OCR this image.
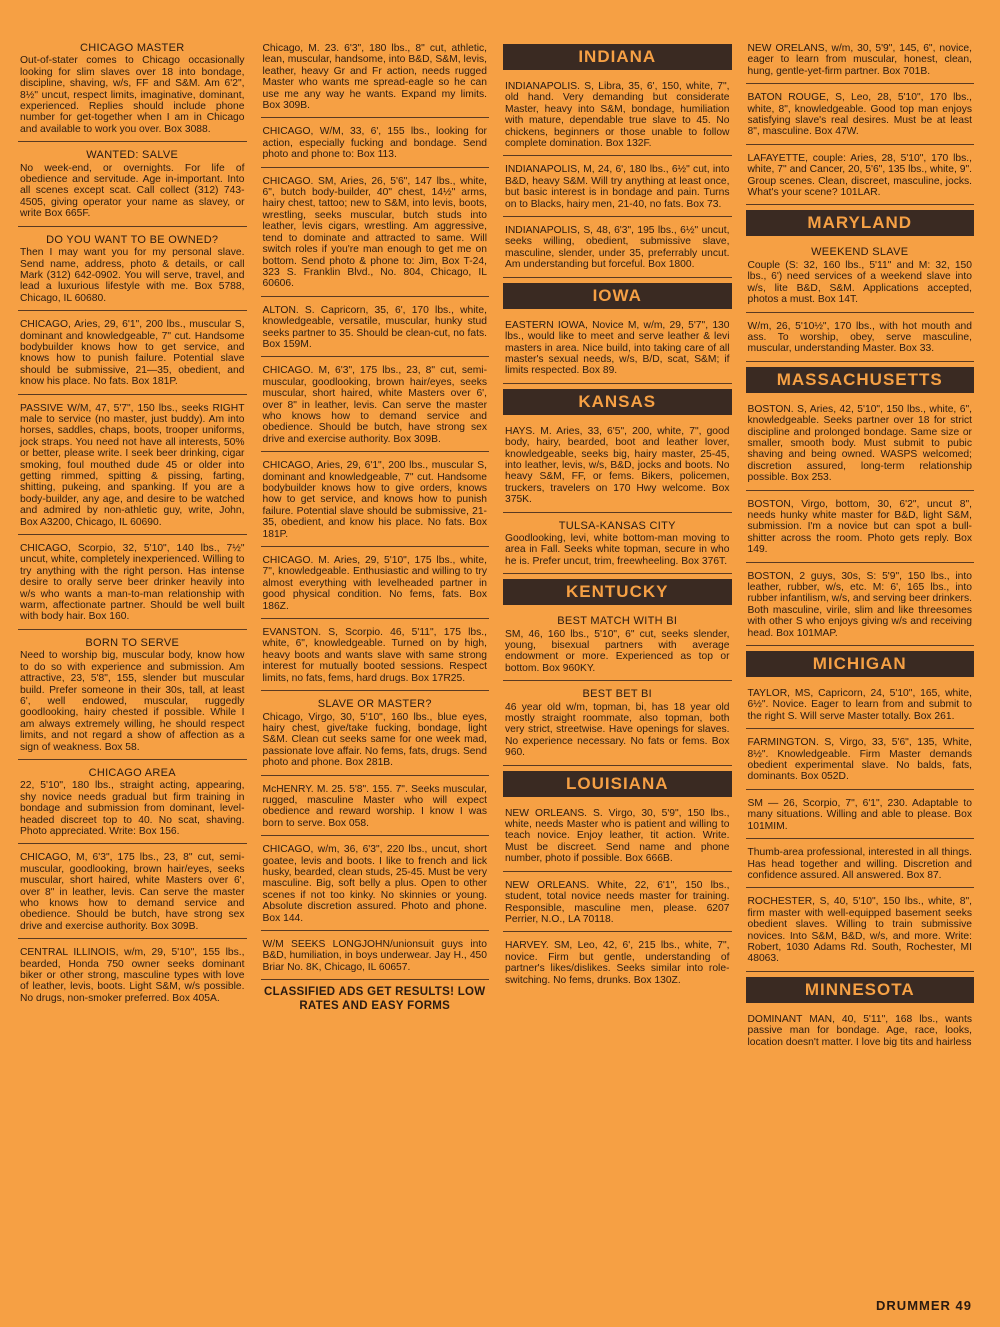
CHICAGO MASTER
Out-of-stater comes to Chicago occasionally looking for slim slaves over 18 into bondage, discipline, shaving, w/s, FF and S&M. Am 6'2", 8½" uncut, respect limits, imaginative, dominant, experienced. Replies should include phone number for get-together when I am in Chicago and available to work you over. Box 3088.
WANTED: SALVE
No week-end, or overnights. For life of obedience and servitude. Age in-important. Into all scenes except scat. Call collect (312) 743-4505, giving operator your name as slavey, or write Box 665F.
DO YOU WANT TO BE OWNED?
Then I may want you for my personal slave. Send name, address, photo & details, or call Mark (312) 642-0902. You will serve, travel, and lead a luxurious lifestyle with me. Box 5788, Chicago, IL 60680.
CHICAGO, Aries, 29, 6'1", 200 lbs., muscular S, dominant and knowledgeable, 7" cut. Handsome bodybuilder knows how to get service, and knows how to punish failure. Potential slave should be submissive, 21—35, obedient, and know his place. No fats. Box 181P.
PASSIVE W/M, 47, 5'7", 150 lbs., seeks RIGHT male to service (no master, just buddy). Am into horses, saddles, chaps, boots, trooper uniforms, jock straps. You need not have all interests, 50% or better, please write. I seek beer drinking, cigar smoking, foul mouthed dude 45 or older into getting rimmed, spitting & pissing, farting, shitting, pukeing, and spanking. If you are a body-builder, any age, and desire to be watched and admired by non-athletic guy, write, John, Box A3200, Chicago, IL 60690.
CHICAGO, Scorpio, 32, 5'10", 140 lbs., 7½" uncut, white, completely inexperienced. Willing to try anything with the right person. Has intense desire to orally serve beer drinker heavily into w/s who wants a man-to-man relationship with warm, affectionate partner. Should be well built with body hair. Box 160.
BORN TO SERVE
Need to worship big, muscular body, know how to do so with experience and submission. Am attractive, 23, 5'8", 155, slender but muscular build. Prefer someone in their 30s, tall, at least 6', well endowed, muscular, ruggedly goodlooking, hairy chested if possible. While I am always extremely willing, he should respect limits, and not regard a show of affection as a sign of weakness. Box 58.
CHICAGO AREA
22, 5'10", 180 lbs., straight acting, appearing, shy novice needs gradual but firm training in bondage and submission from dominant, level-headed discreet top to 40. No scat, shaving. Photo appreciated. Write: Box 156.
CHICAGO, M, 6'3", 175 lbs., 23, 8" cut, semi-muscular, goodlooking, brown hair/eyes, seeks muscular, short haired, white Masters over 6', over 8" in leather, levis. Can serve the master who knows how to demand service and obedience. Should be butch, have strong sex drive and exercise authority. Box 309B.
CENTRAL ILLINOIS, w/m, 29, 5'10", 155 lbs., bearded, Honda 750 owner seeks dominant biker or other strong, masculine types with love of leather, levis, boots. Light S&M, w/s possible. No drugs, non-smoker preferred. Box 405A.
Chicago, M. 23. 6'3", 180 lbs., 8" cut, athletic, lean, muscular, handsome, into B&D, S&M, levis, leather, heavy Gr and Fr action, needs rugged Master who wants me spread-eagle so he can use me any way he wants. Expand my limits. Box 309B.
CHICAGO, W/M, 33, 6', 155 lbs., looking for action, especially fucking and bondage. Send photo and phone to: Box 113.
CHICAGO. SM, Aries, 26, 5'6", 147 lbs., white, 6", butch body-builder, 40" chest, 14½" arms, hairy chest, tattoo; new to S&M, into levis, boots, wrestling, seeks muscular, butch studs into leather, levis cigars, wrestling. Am aggressive, tend to dominate and attracted to same. Will switch roles if you're man enough to get me on bottom. Send photo & phone to: Jim, Box T-24, 323 S. Franklin Blvd., No. 804, Chicago, IL 60606.
ALTON. S. Capricorn, 35, 6', 170 lbs., white, knowledgeable, versatile, muscular, hunky stud seeks partner to 35. Should be clean-cut, no fats. Box 159M.
CHICAGO. M, 6'3", 175 lbs., 23, 8" cut, semi-muscular, goodlooking, brown hair/eyes, seeks muscular, short haired, white Masters over 6', over 8" in leather, levis. Can serve the master who knows how to demand service and obedience. Should be butch, have strong sex drive and exercise authority. Box 309B.
CHICAGO, Aries, 29, 6'1", 200 lbs., muscular S, dominant and knowledgeable, 7" cut. Handsome bodybuilder knows how to give orders, knows how to get service, and knows how to punish failure. Potential slave should be submissive, 21-35, obedient, and know his place. No fats. Box 181P.
CHICAGO. M. Aries, 29, 5'10", 175 lbs., white, 7", knowledgeable. Enthusiastic and willing to try almost everything with levelheaded partner in good physical condition. No fems, fats. Box 186Z.
EVANSTON. S, Scorpio. 46, 5'11", 175 lbs., white, 6", knowledgeable. Turned on by high, heavy boots and wants slave with same strong interest for mutually booted sessions. Respect limits, no fats, fems, hard drugs. Box 17R25.
SLAVE OR MASTER?
Chicago, Virgo, 30, 5'10", 160 lbs., blue eyes, hairy chest, give/take fucking, bondage, light S&M. Clean cut seeks same for one week mad, passionate love affair. No fems, fats, drugs. Send photo and phone. Box 281B.
McHENRY. M. 25. 5'8". 155. 7". Seeks muscular, rugged, masculine Master who will expect obedience and reward worship. I know I was born to serve. Box 058.
CHICAGO, w/m, 36, 6'3", 220 lbs., uncut, short goatee, levis and boots. I like to french and lick husky, bearded, clean studs, 25-45. Must be very masculine. Big, soft belly a plus. Open to other scenes if not too kinky. No skinnies or young. Absolute discretion assured. Photo and phone. Box 144.
W/M SEEKS LONGJOHN/unionsuit guys into B&D, humiliation, in boys underwear. Jay H., 450 Briar No. 8K, Chicago, IL 60657.
CLASSIFIED ADS GET RESULTS! LOW RATES AND EASY FORMS
INDIANA
INDIANAPOLIS. S, Libra, 35, 6', 150, white, 7", old hand. Very demanding but considerate Master, heavy into S&M, bondage, humiliation with mature, dependable true slave to 45. No chickens, beginners or those unable to follow complete domination. Box 132F.
INDIANAPOLIS, M, 24, 6', 180 lbs., 6½" cut, into B&D, heavy S&M. Will try anything at least once, but basic interest is in bondage and pain. Turns on to Blacks, hairy men, 21-40, no fats. Box 73.
INDIANAPOLIS, S, 48, 6'3", 195 lbs., 6½" uncut, seeks willing, obedient, submissive slave, masculine, slender, under 35, preferrably uncut. Am understanding but forceful. Box 1800.
IOWA
EASTERN IOWA, Novice M, w/m, 29, 5'7", 130 lbs., would like to meet and serve leather & levi masters in area. Nice build, into taking care of all master's sexual needs, w/s, B/D, scat, S&M; if limits respected. Box 89.
KANSAS
HAYS. M. Aries, 33, 6'5", 200, white, 7", good body, hairy, bearded, boot and leather lover, knowledgeable, seeks big, hairy master, 25-45, into leather, levis, w/s, B&D, jocks and boots. No heavy S&M, FF, or fems. Bikers, policemen, truckers, travelers on 170 Hwy welcome. Box 375K.
TULSA-KANSAS CITY
Goodlooking, levi, white bottom-man moving to area in Fall. Seeks white topman, secure in who he is. Prefer uncut, trim, freewheeling. Box 376T.
KENTUCKY
BEST MATCH WITH BI
SM, 46, 160 lbs., 5'10", 6" cut, seeks slender, young, bisexual partners with average endowment or more. Experienced as top or bottom. Box 960KY.
BEST BET BI
46 year old w/m, topman, bi, has 18 year old mostly straight roommate, also topman, both very strict, streetwise. Have openings for slaves. No experience necessary. No fats or fems. Box 960.
LOUISIANA
NEW ORLEANS. S. Virgo, 30, 5'9", 150 lbs., white, needs Master who is patient and willing to teach novice. Enjoy leather, tit action. Write. Must be discreet. Send name and phone number, photo if possible. Box 666B.
NEW ORLEANS. White, 22, 6'1", 150 lbs., student, total novice needs master for training. Responsible, masculine men, please. 6207 Perrier, N.O., LA 70118.
HARVEY. SM, Leo, 42, 6', 215 lbs., white, 7", novice. Firm but gentle, understanding of partner's likes/dislikes. Seeks similar into role-switching. No fems, drunks. Box 130Z.
NEW ORELANS, w/m, 30, 5'9", 145, 6", novice, eager to learn from muscular, honest, clean, hung, gentle-yet-firm partner. Box 701B.
BATON ROUGE, S, Leo, 28, 5'10", 170 lbs., white, 8", knowledgeable. Good top man enjoys satisfying slave's real desires. Must be at least 8", masculine. Box 47W.
LAFAYETTE, couple: Aries, 28, 5'10", 170 lbs., white, 7" and Cancer, 20, 5'6", 135 lbs., white, 9". Group scenes. Clean, discreet, masculine, jocks. What's your scene? 101LAR.
MARYLAND
WEEKEND SLAVE
Couple (S: 32, 160 lbs., 5'11" and M: 32, 150 lbs., 6') need services of a weekend slave into w/s, lite B&D, S&M. Applications accepted, photos a must. Box 14T.
W/m, 26, 5'10½", 170 lbs., with hot mouth and ass. To worship, obey, serve masculine, muscular, understanding Master. Box 33.
MASSACHUSETTS
BOSTON. S, Aries, 42, 5'10", 150 lbs., white, 6", knowledgeable. Seeks partner over 18 for strict discipline and prolonged bondage. Same size or smaller, smooth body. Must submit to pubic shaving and being owned. WASPS welcomed; discretion assured, long-term relationship possible. Box 253.
BOSTON, Virgo, bottom, 30, 6'2", uncut 8", needs hunky white master for B&D, light S&M, submission. I'm a novice but can spot a bull-shitter across the room. Photo gets reply. Box 149.
BOSTON, 2 guys, 30s, S: 5'9", 150 lbs., into leather, rubber, w/s, etc. M: 6', 165 lbs., into rubber infantilism, w/s, and serving beer drinkers. Both masculine, virile, slim and like threesomes with other S who enjoys giving w/s and receiving head. Box 101MAP.
MICHIGAN
TAYLOR, MS, Capricorn, 24, 5'10", 165, white, 6½". Novice. Eager to learn from and submit to the right S. Will serve Master totally. Box 261.
FARMINGTON. S, Virgo, 33, 5'6", 135, White, 8½". Knowledgeable. Firm Master demands obedient experimental slave. No balds, fats, dominants. Box 052D.
SM — 26, Scorpio, 7", 6'1", 230. Adaptable to many situations. Willing and able to please. Box 101MIM.
Thumb-area professional, interested in all things. Has head together and willing. Discretion and confidence assured. All answered. Box 87.
ROCHESTER, S, 40, 5'10", 150 lbs., white, 8", firm master with well-equipped basement seeks obedient slaves. Willing to train submissive novices. Into S&M, B&D, w/s, and more. Write: Robert, 1030 Adams Rd. South, Rochester, MI 48063.
MINNESOTA
DOMINANT MAN, 40, 5'11", 168 lbs., wants passive man for bondage. Age, race, looks, location doesn't matter. I love big tits and hairless
DRUMMER 49
